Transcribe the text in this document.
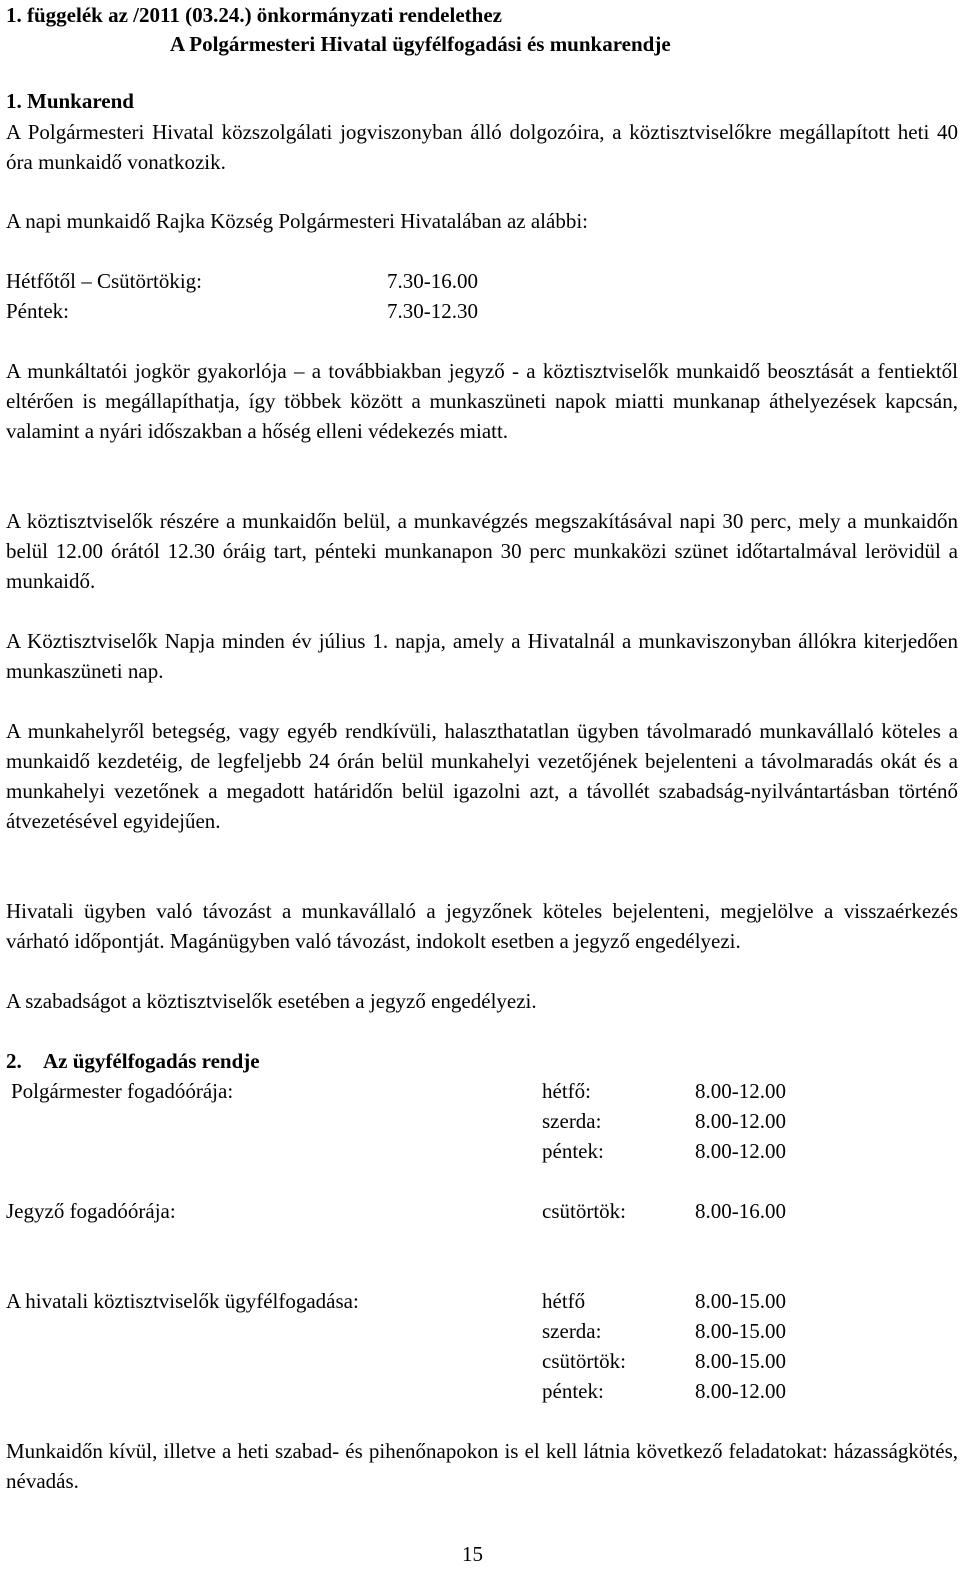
1. függelék az /2011 (03.24.) önkormányzati rendelethez
A Polgármesteri Hivatal ügyfélfogadási és munkarendje
1. Munkarend
A Polgármesteri Hivatal közszolgálati jogviszonyban álló dolgozóira, a köztisztviselőkre megállapított heti 40 óra munkaidő vonatkozik.
A napi munkaidő Rajka Község Polgármesteri Hivatalában az alábbi:
Hétfőtől – Csütörtökig:	7.30-16.00
Péntek:	7.30-12.30
A munkáltatói jogkör gyakorlója – a továbbiakban jegyző - a köztisztviselők munkaidő beosztását a fentiektől eltérően is megállapíthatja, így többek között a munkaszüneti napok miatti munkanap áthelyezések kapcsán, valamint a nyári időszakban a hőség elleni védekezés miatt.
A köztisztviselők részére a munkaidőn belül, a munkavégzés megszakításával napi 30 perc, mely a munkaidőn belül 12.00 órától 12.30 óráig tart, pénteki munkanapon 30 perc munkaközi szünet időtartalmával lerövidül a munkaidő.
A Köztisztviselők Napja minden év július 1. napja, amely a Hivatalnál a munkaviszonyban állókra kiterjedően munkaszüneti nap.
A munkahelyről betegség, vagy egyéb rendkívüli, halaszthatatlan ügyben távolmaradó munkavállaló köteles a munkaidő kezdetéig, de legfeljebb 24 órán belül munkahelyi vezetőjének bejelenteni a távolmaradás okát és a munkahelyi vezetőnek a megadott határidőn belül igazolni azt, a távollét szabadság-nyilvántartásban történő átvezetésével egyidejűen.
Hivatali ügyben való távozást a munkavállaló a jegyzőnek köteles bejelenteni, megjelölve a visszaérkezés várható időpontját. Magánügyben való távozást, indokolt esetben a jegyző engedélyezi.
A szabadságot a köztisztviselők esetében a jegyző engedélyezi.
2. Az ügyfélfogadás rendje
Polgármester fogadóórája:	hétfő:	8.00-12.00
szerda:	8.00-12.00
péntek:	8.00-12.00
Jegyző fogadóórája:	csütörtök:	8.00-16.00
A hivatali köztisztviselők ügyfélfogadása:	hétfő	8.00-15.00
szerda:	8.00-15.00
csütörtök:	8.00-15.00
péntek:	8.00-12.00
Munkaidőn kívül, illetve a heti szabad- és pihenőnapokon is el kell látnia következő feladatokat: házasságkötés, névadás.
15
